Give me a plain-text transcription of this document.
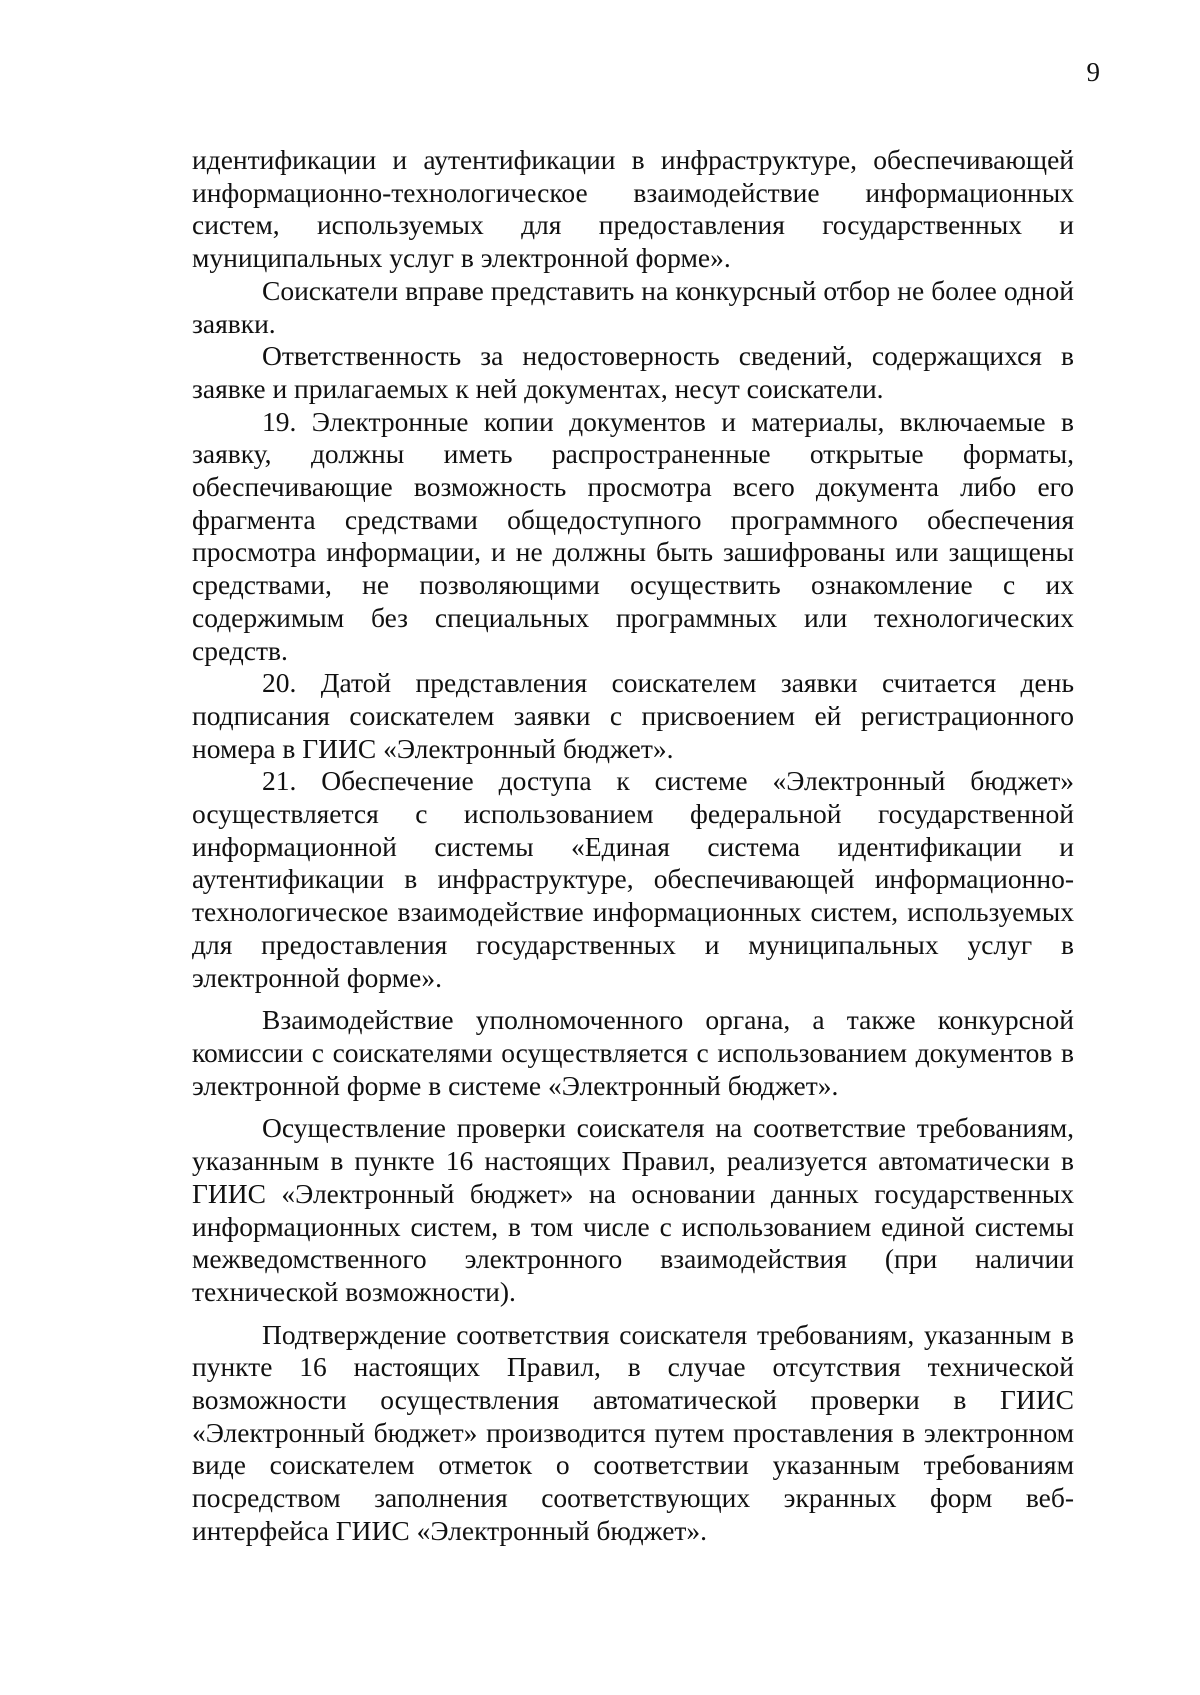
9

идентификации и аутентификации в инфраструктуре, обеспечивающей информационно-технологическое взаимодействие информационных систем, используемых для предоставления государственных и муниципальных услуг в электронной форме».

Соискатели вправе представить на конкурсный отбор не более одной заявки.

Ответственность за недостоверность сведений, содержащихся в заявке и прилагаемых к ней документах, несут соискатели.

19. Электронные копии документов и материалы, включаемые в заявку, должны иметь распространенные открытые форматы, обеспечивающие возможность просмотра всего документа либо его фрагмента средствами общедоступного программного обеспечения просмотра информации, и не должны быть зашифрованы или защищены средствами, не позволяющими осуществить ознакомление с их содержимым без специальных программных или технологических средств.

20. Датой представления соискателем заявки считается день подписания соискателем заявки с присвоением ей регистрационного номера в ГИИС «Электронный бюджет».

21. Обеспечение доступа к системе «Электронный бюджет» осуществляется с использованием федеральной государственной информационной системы «Единая система идентификации и аутентификации в инфраструктуре, обеспечивающей информационно-технологическое взаимодействие информационных систем, используемых для предоставления государственных и муниципальных услуг в электронной форме».

Взаимодействие уполномоченного органа, а также конкурсной комиссии с соискателями осуществляется с использованием документов в электронной форме в системе «Электронный бюджет».

Осуществление проверки соискателя на соответствие требованиям, указанным в пункте 16 настоящих Правил, реализуется автоматически в ГИИС «Электронный бюджет» на основании данных государственных информационных систем, в том числе с использованием единой системы межведомственного электронного взаимодействия (при наличии технической возможности).

Подтверждение соответствия соискателя требованиям, указанным в пункте 16 настоящих Правил, в случае отсутствия технической возможности осуществления автоматической проверки в ГИИС «Электронный бюджет» производится путем проставления в электронном виде соискателем отметок о соответствии указанным требованиям посредством заполнения соответствующих экранных форм веб-интерфейса ГИИС «Электронный бюджет».
